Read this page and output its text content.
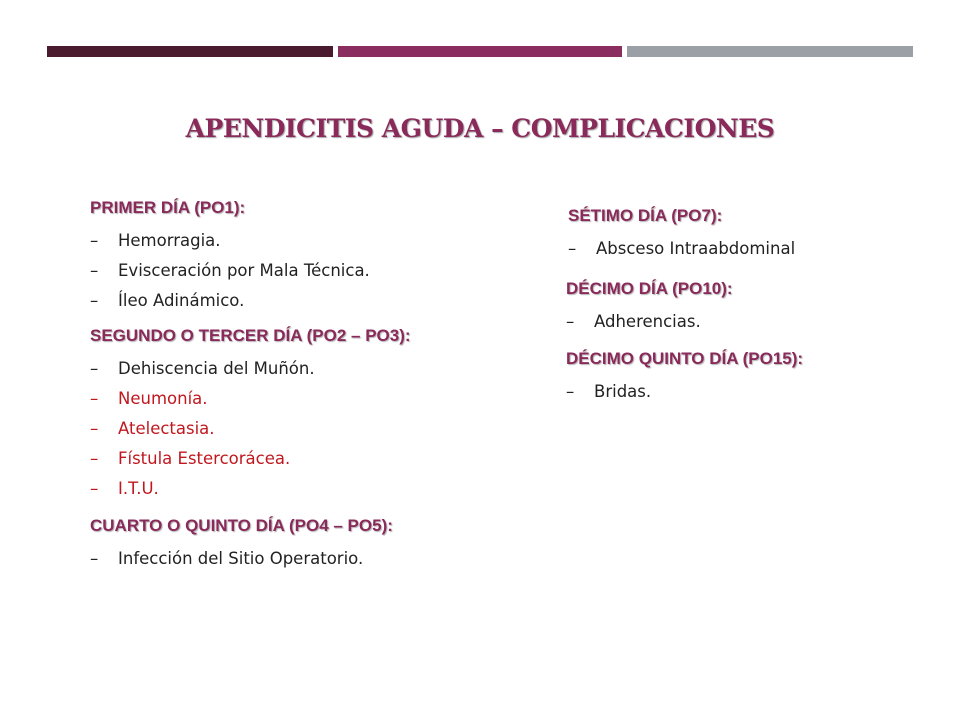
APENDICITIS AGUDA – COMPLICACIONES
PRIMER DÍA (PO1):
– Hemorragia.
– Evisceración por Mala Técnica.
– Íleo Adinámico.
SEGUNDO O TERCER DÍA (PO2 – PO3):
– Dehiscencia del Muñón.
– Neumonía.
– Atelectasia.
– Fístula Estercorácea.
– I.T.U.
CUARTO O QUINTO DÍA (PO4 – PO5):
– Infección del Sitio Operatorio.
SÉTIMO DÍA (PO7):
– Absceso Intraabdominal
DÉCIMO DÍA (PO10):
– Adherencias.
DÉCIMO QUINTO DÍA (PO15):
– Bridas.
